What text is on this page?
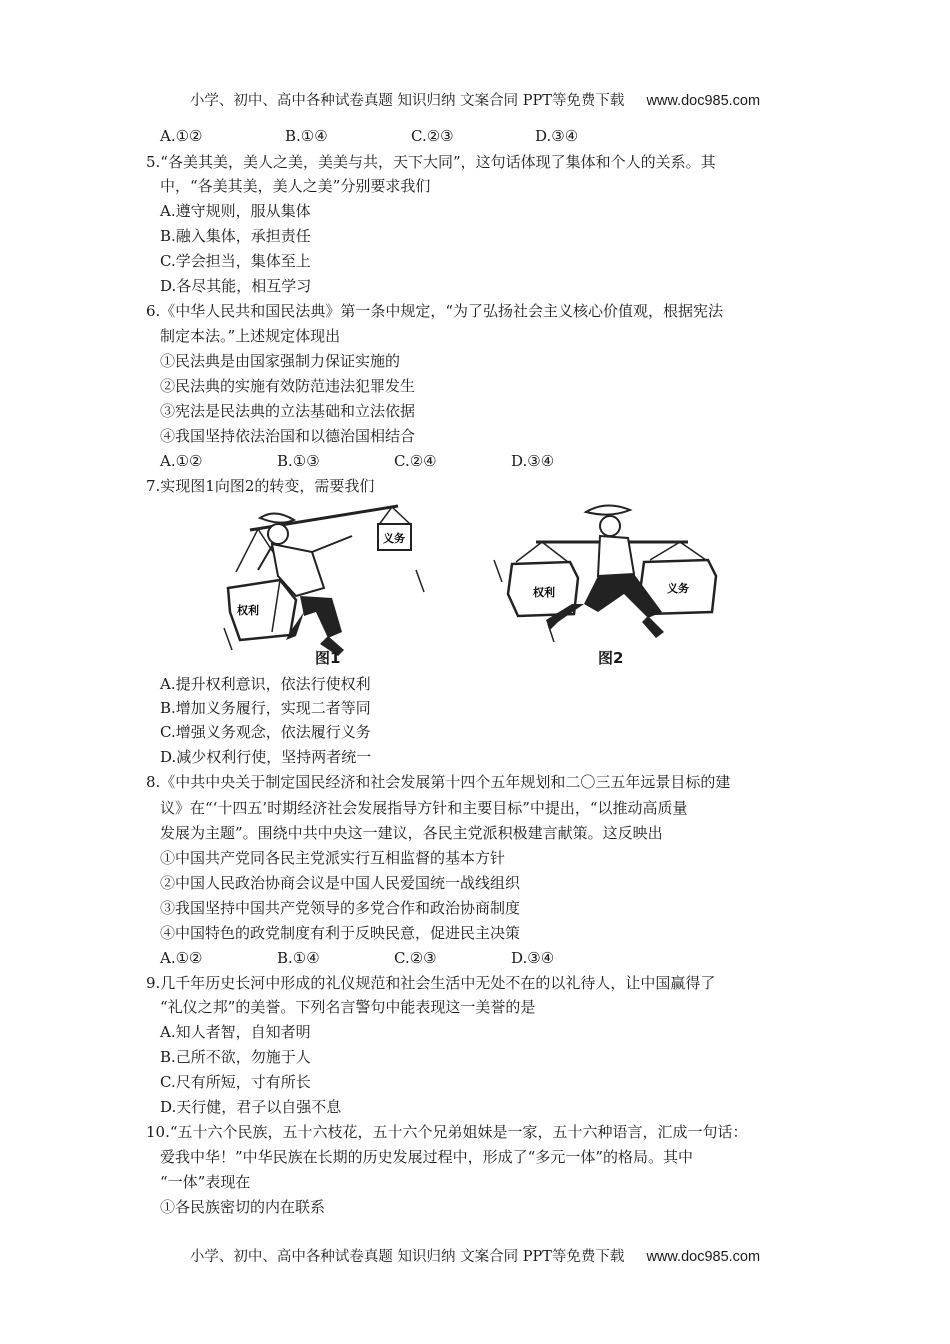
小学、初中、高中各种试卷真题 知识归纳 文案合同 PPT等免费下载 www.doc985.com
A.①②	B.①④	C.②③	D.③④
5.“各美其美，美人之美，美美与共，天下大同”，这句话体现了集体和个人的关系。其
中，“各美其美，美人之美”分别要求我们
A.遵守规则，服从集体
B.融入集体，承担责任
C.学会担当，集体至上
D.各尽其能，相互学习
6.《中华人民共和国民法典》第一条中规定，“为了弘扬社会主义核心价值观，根据宪法
制定本法。”上述规定体现出
①民法典是由国家强制力保证实施的
②民法典的实施有效防范违法犯罪发生
③宪法是民法典的立法基础和立法依据
④我国坚持依法治国和以德治国相结合
A.①②	B.①③	C.②④	D.③④
7.实现图1向图2的转变，需要我们
义务
权利
图1
权利	义务
图2
A.提升权利意识，依法行使权利
B.增加义务履行，实现二者等同
C.增强义务观念，依法履行义务
D.减少权利行使，坚持两者统一
8.《中共中央关于制定国民经济和社会发展第十四个五年规划和二〇三五年远景目标的建
议》在“‘十四五’时期经济社会发展指导方针和主要目标”中提出，“以推动高质量
发展为主题”。围绕中共中央这一建议，各民主党派积极建言献策。这反映出
①中国共产党同各民主党派实行互相监督的基本方针
②中国人民政治协商会议是中国人民爱国统一战线组织
③我国坚持中国共产党领导的多党合作和政治协商制度
④中国特色的政党制度有利于反映民意，促进民主决策
A.①②	B.①④	C.②③	D.③④
9.几千年历史长河中形成的礼仪规范和社会生活中无处不在的以礼待人，让中国赢得了
“礼仪之邦”的美誉。下列名言警句中能表现这一美誉的是
A.知人者智，自知者明
B.己所不欲，勿施于人
C.尺有所短，寸有所长
D.天行健，君子以自强不息
10.“五十六个民族，五十六枝花，五十六个兄弟姐妹是一家，五十六种语言，汇成一句话：
爱我中华！”中华民族在长期的历史发展过程中，形成了“多元一体”的格局。其中
“一体”表现在
①各民族密切的内在联系
小学、初中、高中各种试卷真题 知识归纳 文案合同 PPT等免费下载 www.doc985.com
